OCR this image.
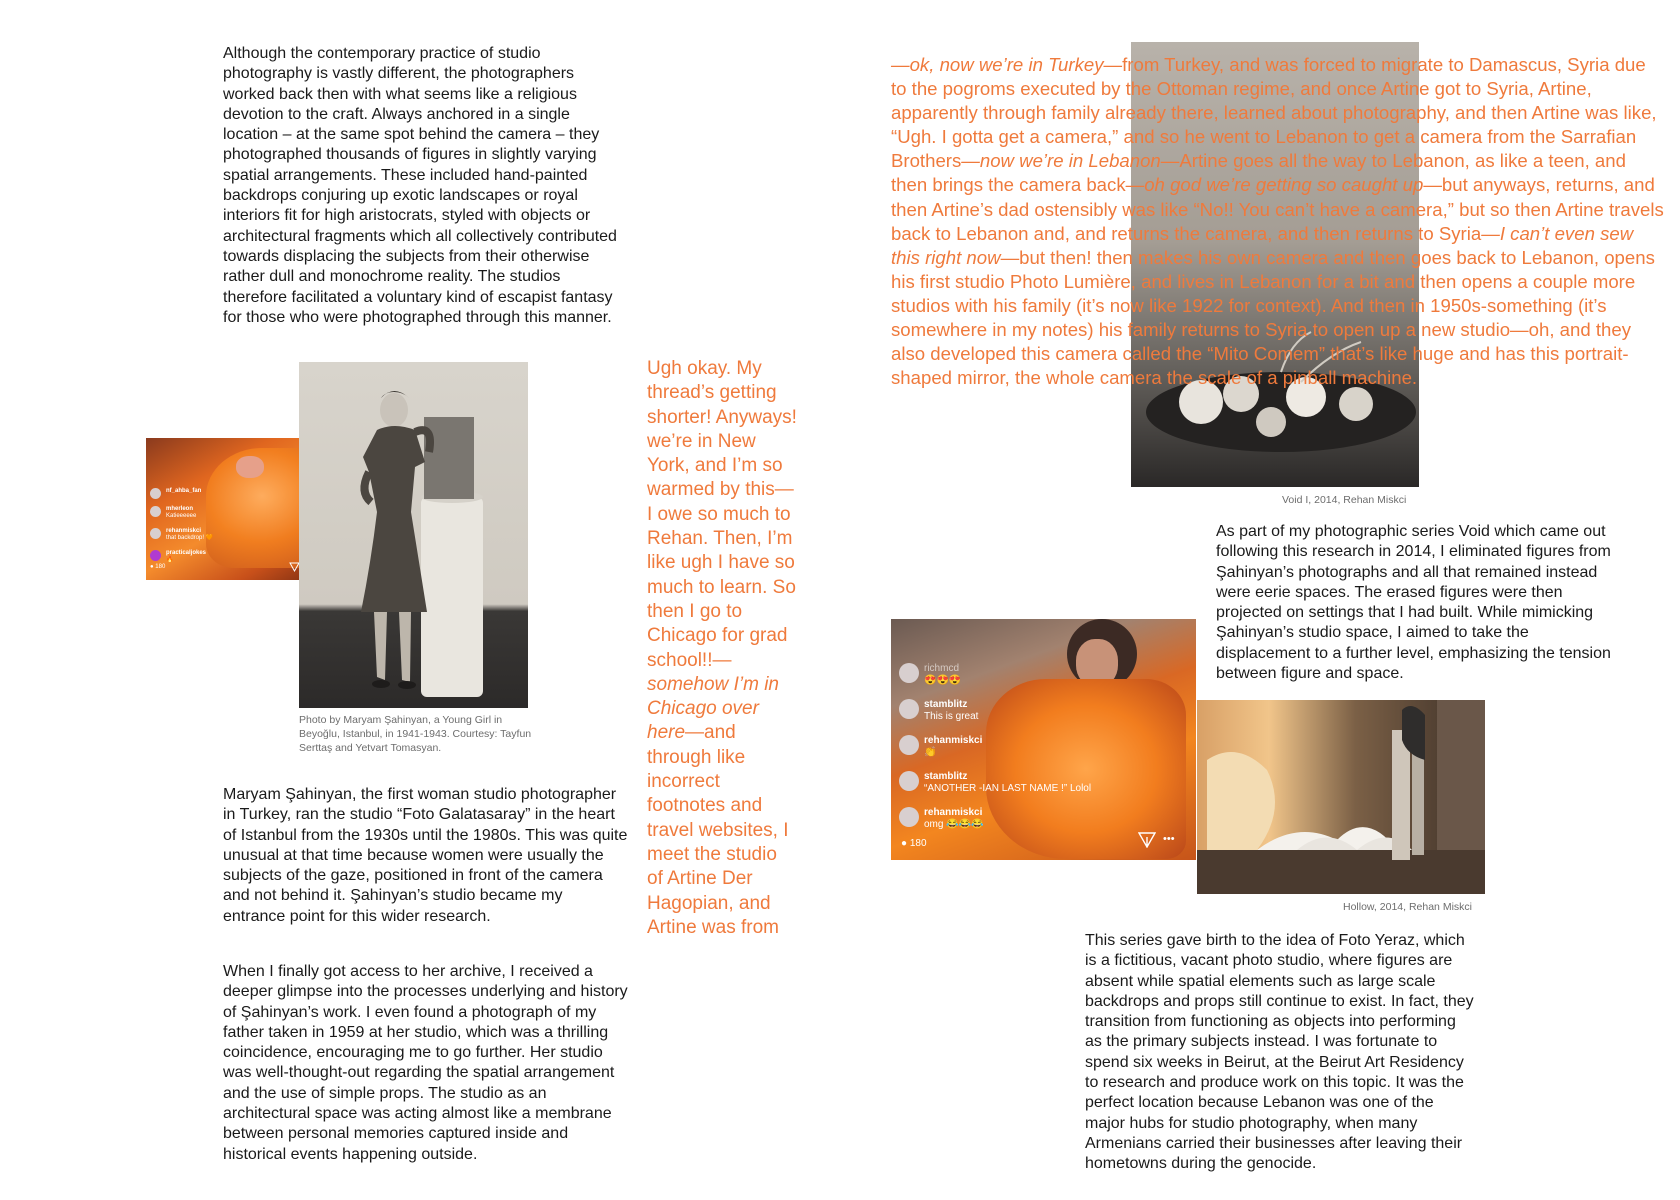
Although the contemporary practice of studio photography is vastly different, the photographers worked back then with what seems like a religious devotion to the craft. Always anchored in a single location – at the same spot behind the camera – they photographed thousands of figures in slightly varying spatial arrangements. These included hand-painted backdrops conjuring up exotic landscapes or royal interiors fit for high aristocrats, styled with objects or architectural fragments which all collectively contributed towards displacing the subjects from their otherwise rather dull and monochrome reality. The studios therefore facilitated a voluntary kind of escapist fantasy for those who were photographed through this manner.
nf_ahba_fan
mherleon
Katieeeeee
rehanmiskci
that backdrop! 🧡
practicaljokes
🔥
● 180
Photo by Maryam Şahinyan, a Young Girl in Beyoğlu, Istanbul, in 1941-1943. Courtesy: Tayfun Serttaş and Yetvart Tomasyan.
Maryam Şahinyan, the first woman studio photographer in Turkey, ran the studio “Foto Galatasaray” in the heart of Istanbul from the 1930s until the 1980s. This was quite unusual at that time because women were usually the subjects of the gaze, positioned in front of the camera and not behind it. Şahinyan’s studio became my entrance point for this wider research.
When I finally got access to her archive, I received a deeper glimpse into the processes underlying and history of Şahinyan’s work. I even found a photograph of my father taken in 1959 at her studio, which was a thrilling coincidence, encouraging me to go further. Her studio was well-thought-out regarding the spatial arrangement and the use of simple props. The studio as an architectural space was acting almost like a membrane between personal memories captured inside and historical events happening outside.
Ugh okay. My thread’s getting shorter! Anyways! we’re in New York, and I’m so warmed by this—I owe so much to Rehan. Then, I’m like ugh I have so much to learn. So then I go to Chicago for grad school!!—somehow I’m in Chicago over here—and through like incorrect footnotes and travel websites, I meet the studio of Artine Der Hagopian, and Artine was from
—ok, now we’re in Turkey—from Turkey, and was forced to migrate to Damascus, Syria due to the pogroms executed by the Ottoman regime, and once Artine got to Syria, Artine, apparently through family already there, learned about photography, and then Artine was like, “Ugh. I gotta get a camera,” and so he went to Lebanon to get a camera from the Sarrafian Brothers—now we’re in Lebanon—Artine goes all the way to Lebanon, as like a teen, and then brings the camera back—oh god we’re getting so caught up—but anyways, returns, and then Artine’s dad ostensibly was like “No!! You can’t have a camera,” but so then Artine travels back to Lebanon and, and returns the camera, and then returns to Syria—I can’t even sew this right now—but then! then makes his own camera and then goes back to Lebanon, opens his first studio Photo Lumière, and lives in Lebanon for a bit and then opens a couple more studios with his family (it’s now like 1922 for context). And then in 1950s-something (it’s somewhere in my notes) his family returns to Syria to open up a new studio—oh, and they also developed this camera called the “Mito Comem” that’s like huge and has this portrait-shaped mirror, the whole camera the scale of a pinball machine.
Void I, 2014, Rehan Miskci
As part of my photographic series Void which came out following this research in 2014, I eliminated figures from Şahinyan’s photographs and all that remained instead were eerie spaces. The erased figures were then projected on settings that I had built. While mimicking Şahinyan’s studio space, I aimed to take the displacement to a further level, emphasizing the tension between figure and space.
richmcd
😍😍😍
stamblitz
This is great
rehanmiskci
👏
stamblitz
“ANOTHER -IAN LAST NAME !” Lolol
rehanmiskci
omg 😂😂😂
● 180	•••
Hollow, 2014, Rehan Miskci
This series gave birth to the idea of Foto Yeraz, which is a fictitious, vacant photo studio, where figures are absent while spatial elements such as large scale backdrops and props still continue to exist. In fact, they transition from functioning as objects into performing as the primary subjects instead. I was fortunate to spend six weeks in Beirut, at the Beirut Art Residency to research and produce work on this topic. It was the perfect location because Lebanon was one of the major hubs for studio photography, when many Armenians carried their businesses after leaving their hometowns during the genocide.
